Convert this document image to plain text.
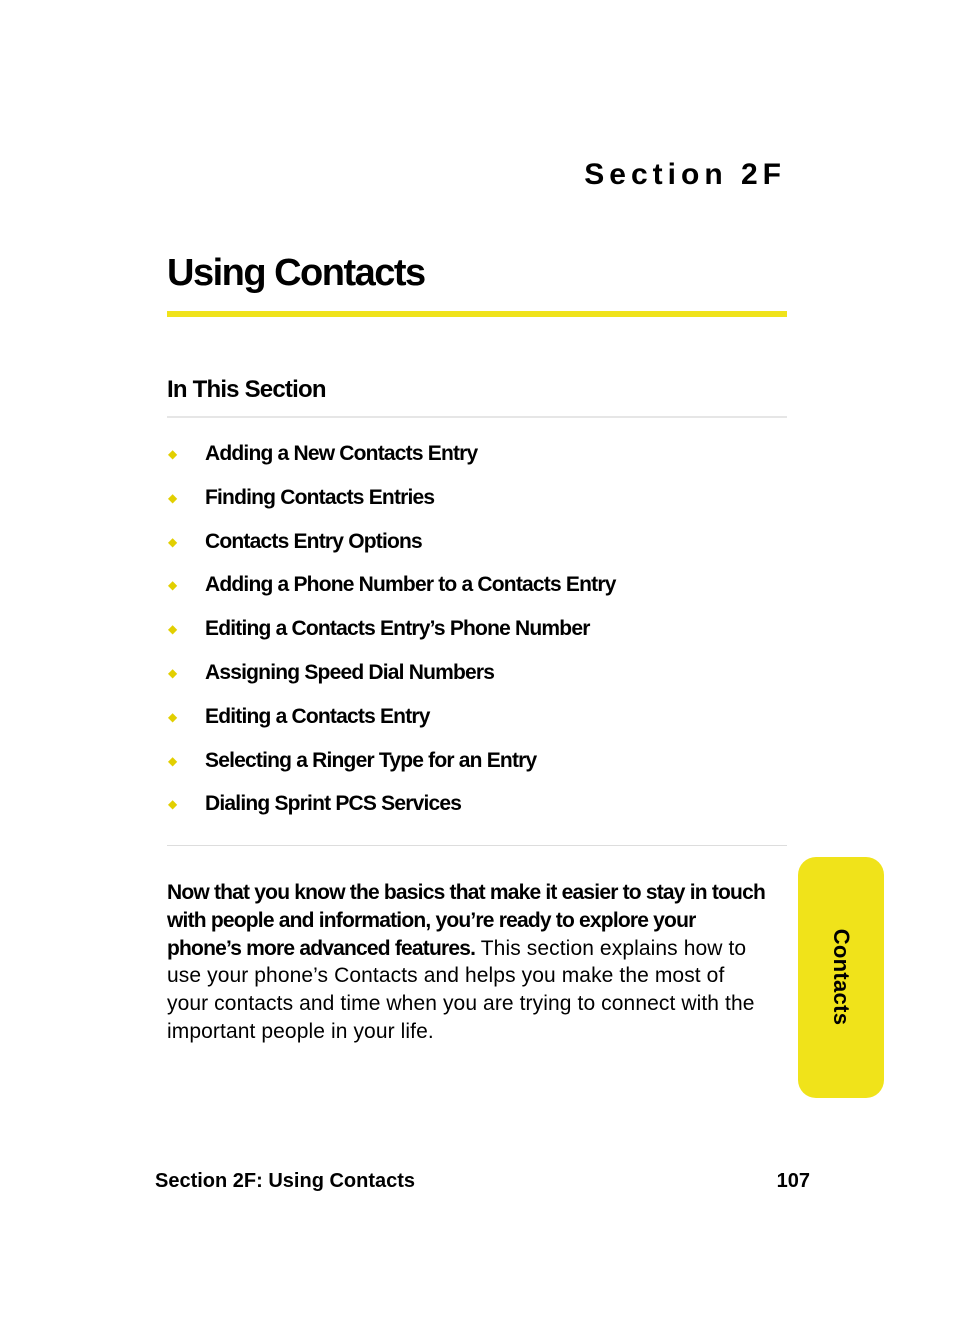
Section 2F
Using Contacts
In This Section
◆	Adding a New Contacts Entry
◆	Finding Contacts Entries
◆	Contacts Entry Options
◆	Adding a Phone Number to a Contacts Entry
◆	Editing a Contacts Entry’s Phone Number
◆	Assigning Speed Dial Numbers
◆	Editing a Contacts Entry
◆	Selecting a Ringer Type for an Entry
◆	Dialing Sprint PCS Services

Now that you know the basics that make it easier to stay in touch with people and information, you’re ready to explore your phone’s more advanced features. This section explains how to use your phone’s Contacts and helps you make the most of your contacts and time when you are trying to connect with the important people in your life.

Contacts
Section 2F: Using Contacts	107
